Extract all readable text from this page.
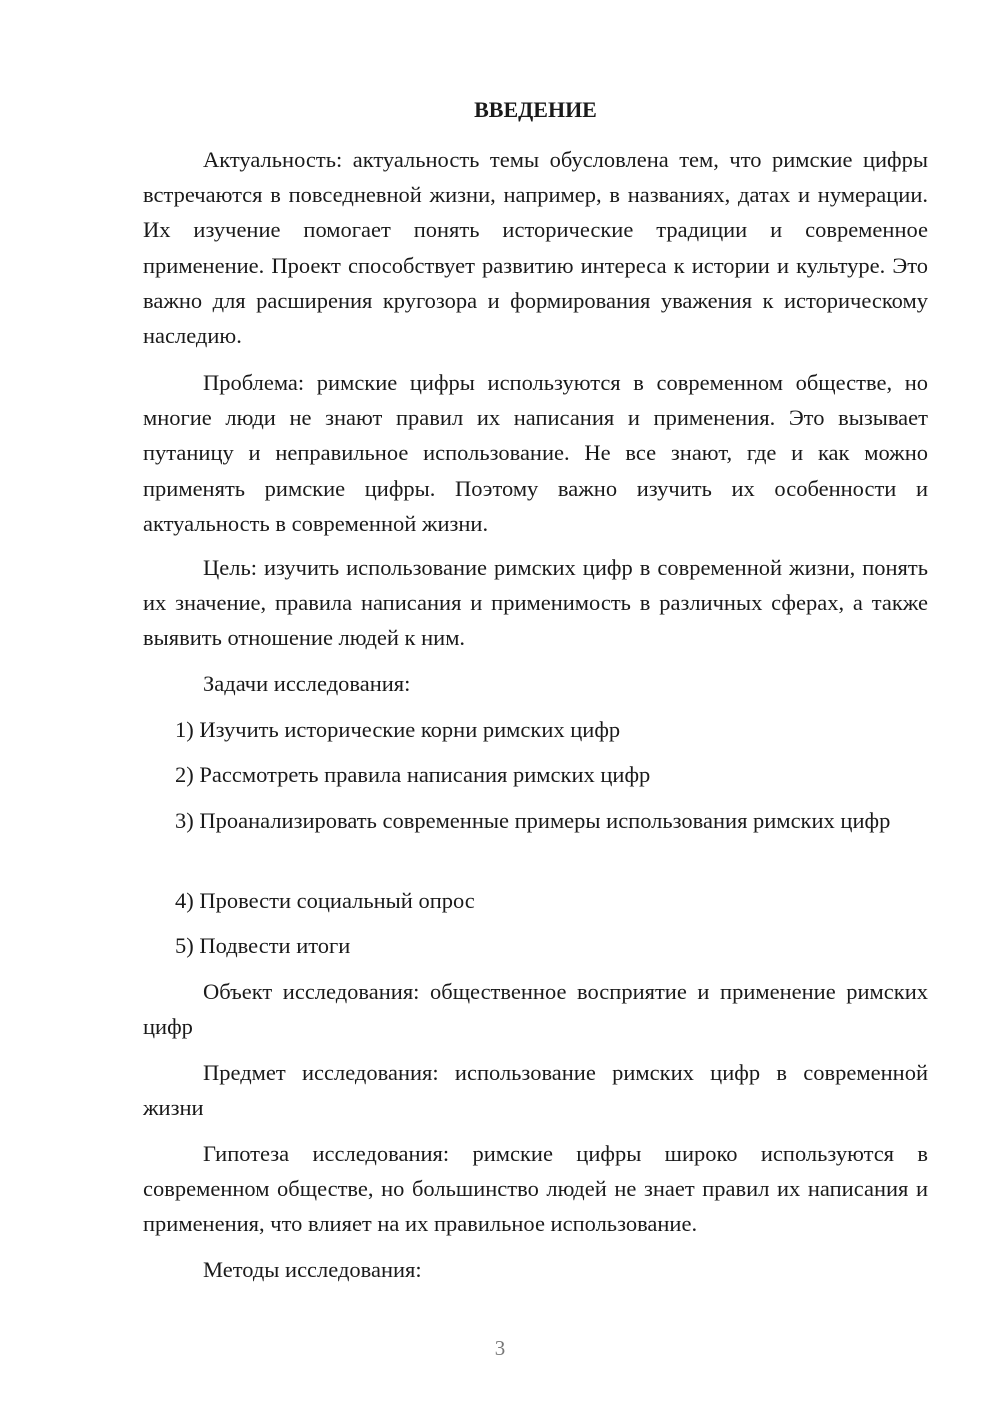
ВВЕДЕНИЕ

Актуальность: актуальность темы обусловлена тем, что римские цифры встречаются в повседневной жизни, например, в названиях, датах и нумерации. Их изучение помогает понять исторические традиции и современное применение. Проект способствует развитию интереса к истории и культуре. Это важно для расширения кругозора и формирования уважения к историческому наследию.

Проблема: римские цифры используются в современном обществе, но многие люди не знают правил их написания и применения. Это вызывает путаницу и неправильное использование. Не все знают, где и как можно применять римские цифры. Поэтому важно изучить их особенности и актуальность в современной жизни.

Цель: изучить использование римских цифр в современной жизни, понять их значение, правила написания и применимость в различных сферах, а также выявить отношение людей к ним.

Задачи исследования:

1) Изучить исторические корни римских цифр

2) Рассмотреть правила написания римских цифр

3) Проанализировать современные примеры использования римских цифр

4) Провести социальный опрос

5) Подвести итоги

Объект исследования: общественное восприятие и применение римских цифр

Предмет исследования: использование римских цифр в современной жизни

Гипотеза исследования: римские цифры широко используются в современном обществе, но большинство людей не знает правил их написания и применения, что влияет на их правильное использование.

Методы исследования:

3
